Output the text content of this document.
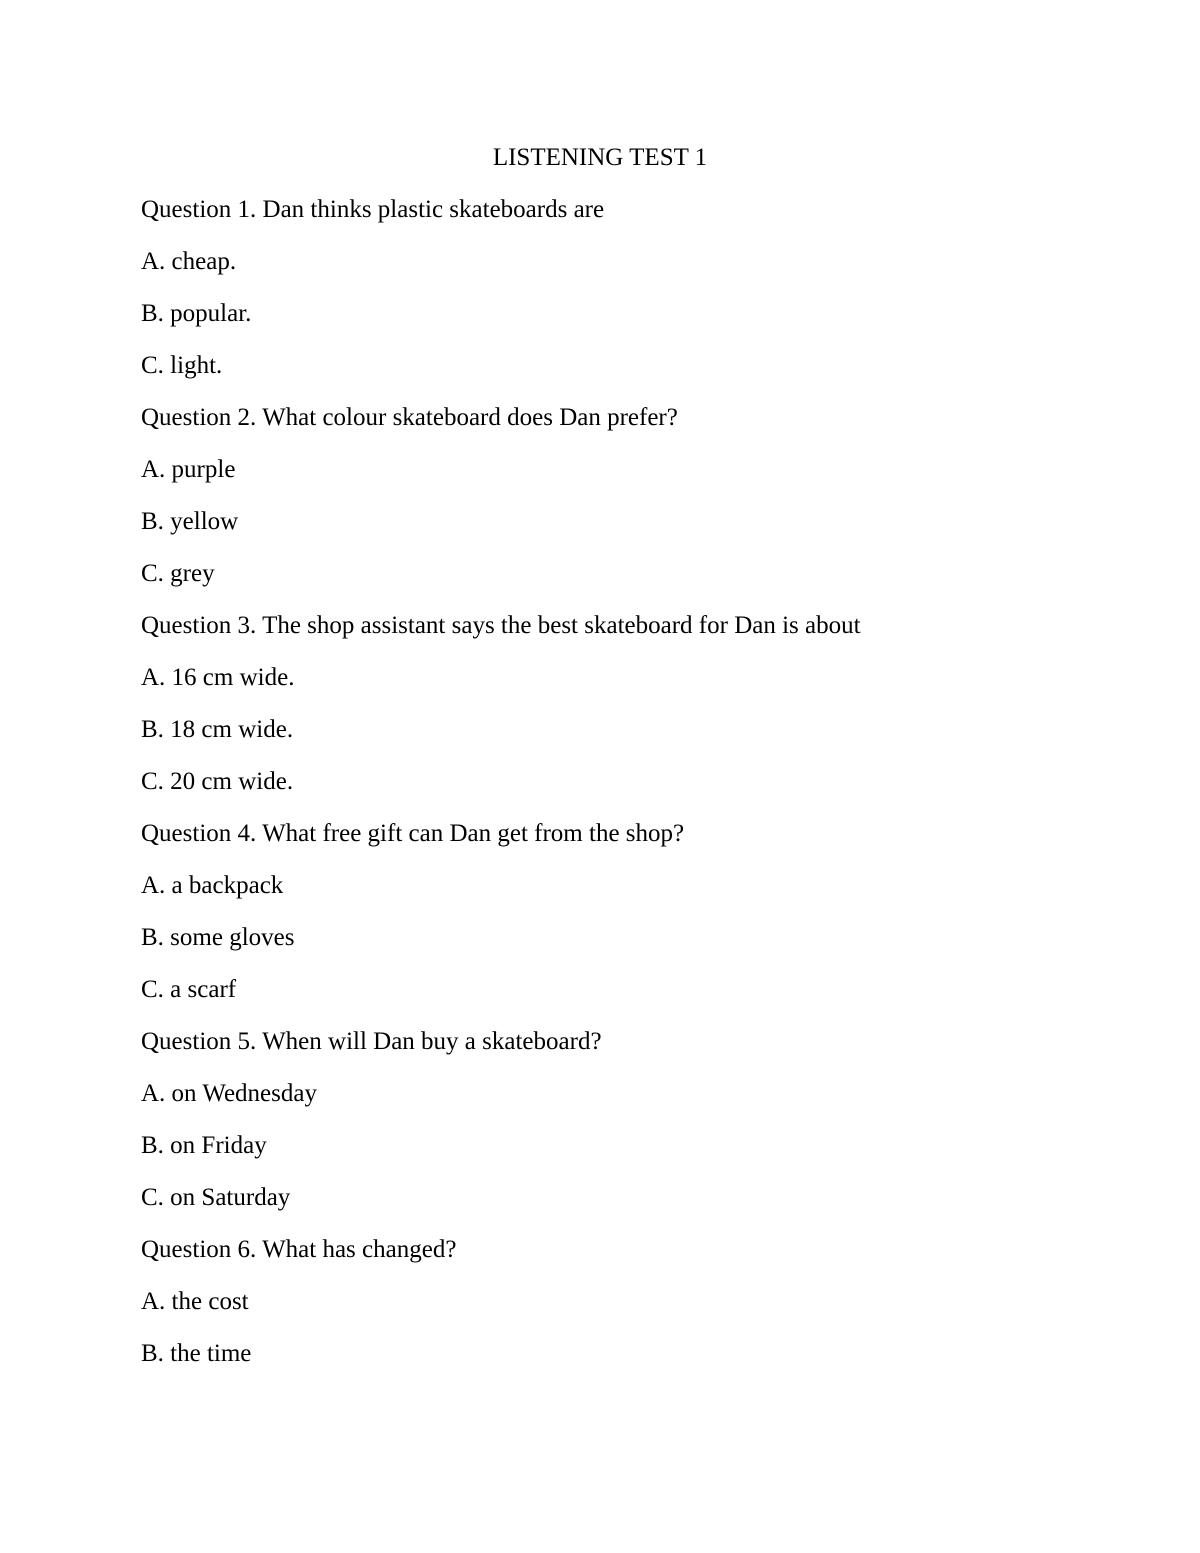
LISTENING TEST 1
Question 1. Dan thinks plastic skateboards are
A. cheap.
B. popular.
C. light.
Question 2. What colour skateboard does Dan prefer?
A. purple
B. yellow
C. grey
Question 3. The shop assistant says the best skateboard for Dan is about
A. 16 cm wide.
B. 18 cm wide.
C. 20 cm wide.
Question 4. What free gift can Dan get from the shop?
A. a backpack
B. some gloves
C. a scarf
Question 5. When will Dan buy a skateboard?
A. on Wednesday
B. on Friday
C. on Saturday
Question 6. What has changed?
A. the cost
B. the time
